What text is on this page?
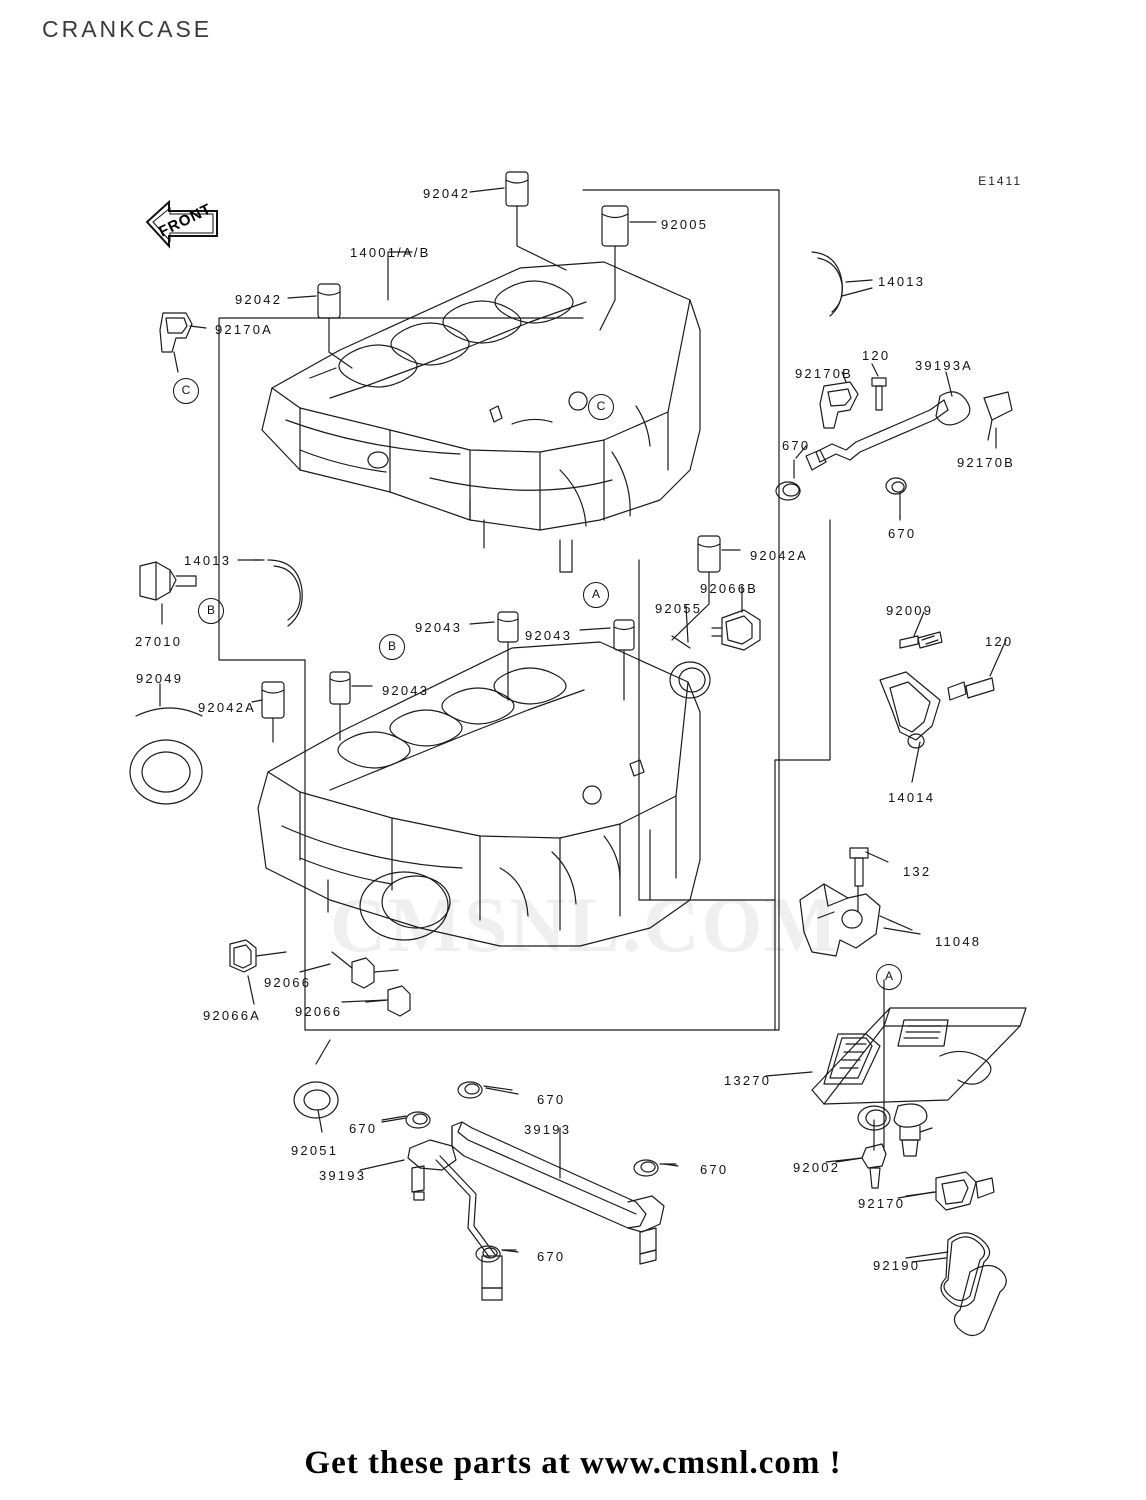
CRANKCASE
E1411
CMSNL.COM
FRONT
92042
92005
14001/A/B
14013
92042
92170A
92170B
120
39193A
670
92170B
670
92042A
14013
92066B
92055	92009
92043
92043
27010	120
92049
92043
92042A
14014
132
11048
92066
92066A	92066
13270
670
670	39193
92051
92002
670
39193
92170
92190
670
C
C
A
B
B
A
Get these parts at www.cmsnl.com !
